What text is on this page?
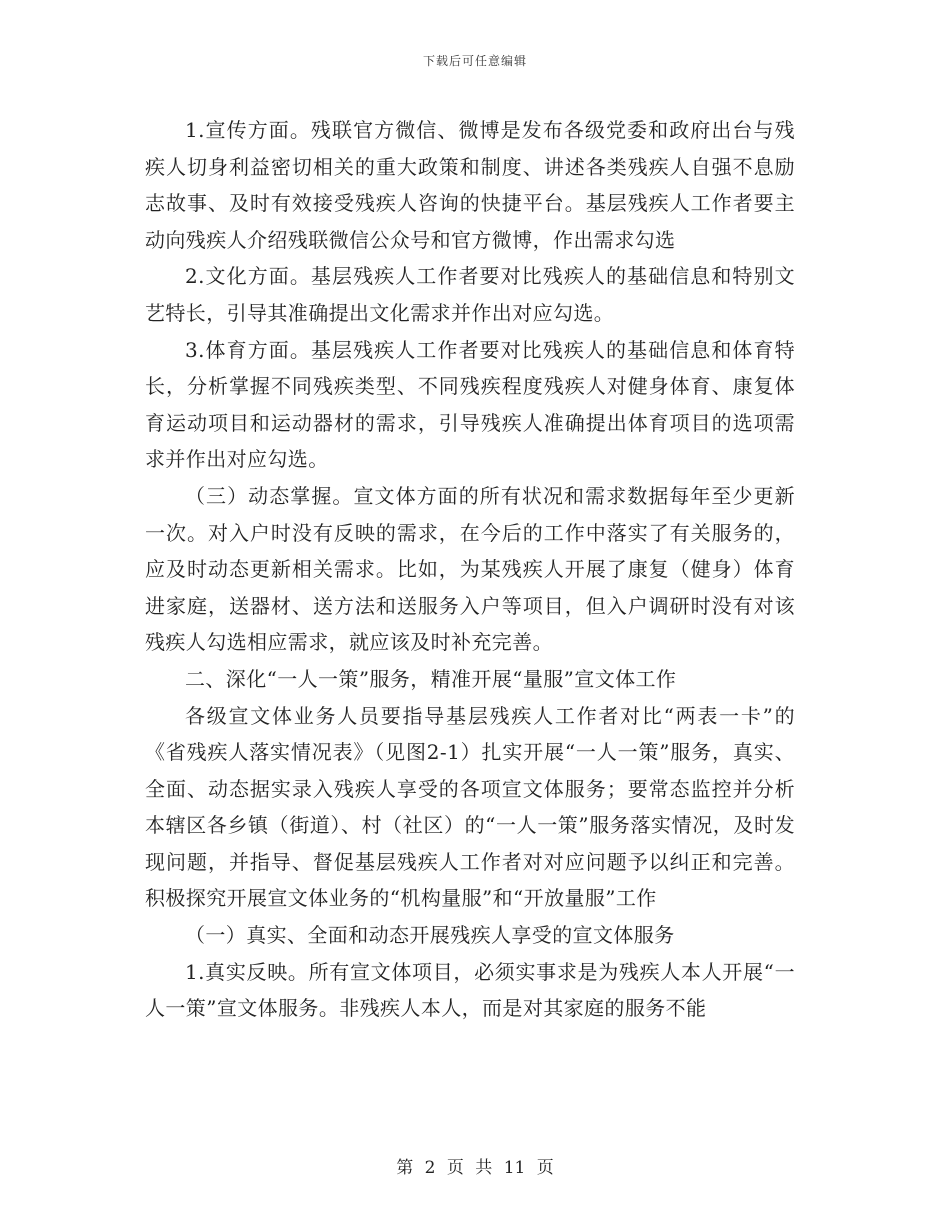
下载后可任意编辑

1.宣传方面。残联官方微信、微博是发布各级党委和政府出台与残疾人切身利益密切相关的重大政策和制度、讲述各类残疾人自强不息励志故事、及时有效接受残疾人咨询的快捷平台。基层残疾人工作者要主动向残疾人介绍残联微信公众号和官方微博，作出需求勾选

2.文化方面。基层残疾人工作者要对比残疾人的基础信息和特别文艺特长，引导其准确提出文化需求并作出对应勾选。

3.体育方面。基层残疾人工作者要对比残疾人的基础信息和体育特长，分析掌握不同残疾类型、不同残疾程度残疾人对健身体育、康复体育运动项目和运动器材的需求，引导残疾人准确提出体育项目的选项需求并作出对应勾选。

（三）动态掌握。宣文体方面的所有状况和需求数据每年至少更新一次。对入户时没有反映的需求，在今后的工作中落实了有关服务的，应及时动态更新相关需求。比如，为某残疾人开展了康复（健身）体育进家庭，送器材、送方法和送服务入户等项目，但入户调研时没有对该残疾人勾选相应需求，就应该及时补充完善。

二、深化“一人一策”服务，精准开展“量服”宣文体工作

各级宣文体业务人员要指导基层残疾人工作者对比“两表一卡”的《省残疾人落实情况表》（见图2-1）扎实开展“一人一策”服务，真实、全面、动态据实录入残疾人享受的各项宣文体服务；要常态监控并分析本辖区各乡镇（街道）、村（社区）的“一人一策”服务落实情况，及时发现问题，并指导、督促基层残疾人工作者对对应问题予以纠正和完善。积极探究开展宣文体业务的“机构量服”和“开放量服”工作

（一）真实、全面和动态开展残疾人享受的宣文体服务

1.真实反映。所有宣文体项目，必须实事求是为残疾人本人开展“一人一策”宣文体服务。非残疾人本人，而是对其家庭的服务不能

第 2 页 共 11 页
